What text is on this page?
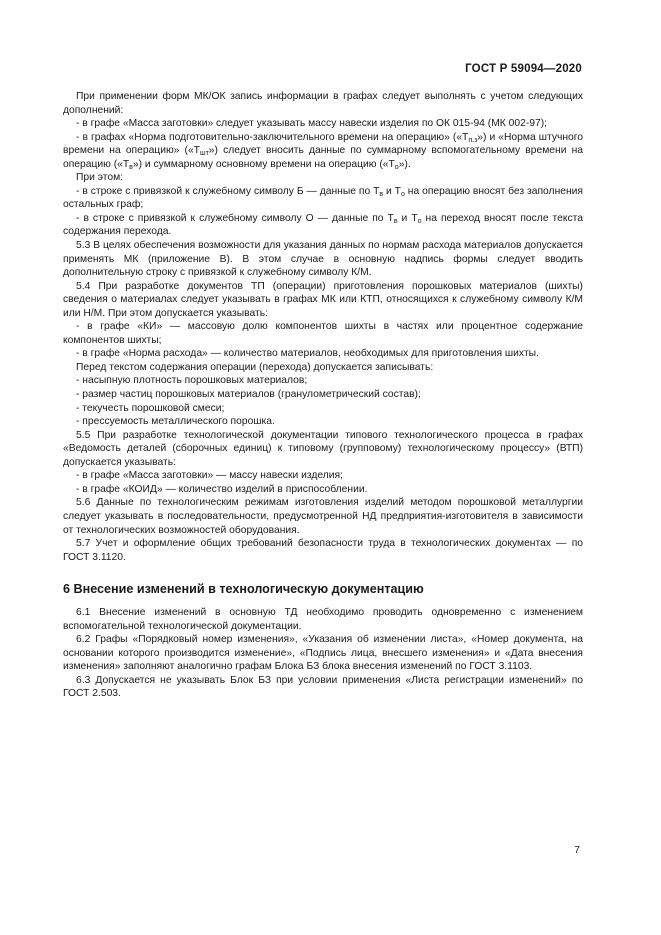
ГОСТ Р 59094—2020

При применении форм МК/ОК запись информации в графах следует выполнять с учетом следующих дополнений:

- в графе «Масса заготовки» следует указывать массу навески изделия по ОК 015-94 (МК 002-97);

- в графах «Норма подготовительно-заключительного времени на операцию» $(«Т_{п.з}»)$ и «Норма штучного времени на операцию» $(«Т_{шт}»)$ следует вносить данные по суммарному вспомогательному времени на операцию $(«Т_в»)$ и суммарному основному времени на операцию $(«Т_о»)$.

При этом:

- в строке с привязкой к служебному символу Б — данные по $Т_в$ и $Т_о$ на операцию вносят без заполнения остальных граф;

- в строке с привязкой к служебному символу О — данные по $Т_в$ и $Т_о$ на переход вносят после текста содержания перехода.

5.3 В целях обеспечения возможности для указания данных по нормам расхода материалов допускается применять МК (приложение В). В этом случае в основную надпись формы следует вводить дополнительную строку с привязкой к служебному символу К/М.

5.4 При разработке документов ТП (операции) приготовления порошковых материалов (шихты) сведения о материалах следует указывать в графах МК или КТП, относящихся к служебному символу К/М или Н/М. При этом допускается указывать:

- в графе «КИ» — массовую долю компонентов шихты в частях или процентное содержание компонентов шихты;

- в графе «Норма расхода» — количество материалов, необходимых для приготовления шихты.

Перед текстом содержания операции (перехода) допускается записывать:

- насыпную плотность порошковых материалов;

- размер частиц порошковых материалов (гранулометрический состав);

- текучесть порошковой смеси;

- прессуемость металлического порошка.

5.5 При разработке технологической документации типового технологического процесса в графах «Ведомость деталей (сборочных единиц) к типовому (групповому) технологическому процессу» (ВТП) допускается указывать:

- в графе «Масса заготовки» — массу навески изделия;

- в графе «КОИД» — количество изделий в приспособлении.

5.6 Данные по технологическим режимам изготовления изделий методом порошковой металлургии следует указывать в последовательности, предусмотренной НД предприятия-изготовителя в зависимости от технологических возможностей оборудования.

5.7 Учет и оформление общих требований безопасности труда в технологических документах — по ГОСТ 3.1120.

6 Внесение изменений в технологическую документацию

6.1 Внесение изменений в основную ТД необходимо проводить одновременно с изменением вспомогательной технологической документации.

6.2 Графы «Порядковый номер изменения», «Указания об изменении листа», «Номер документа, на основании которого производится изменение», «Подпись лица, внесшего изменения» и «Дата внесения изменения» заполняют аналогично графам Блока БЗ блока внесения изменений по ГОСТ 3.1103.

6.3 Допускается не указывать Блок БЗ при условии применения «Листа регистрации изменений» по ГОСТ 2.503.

7
